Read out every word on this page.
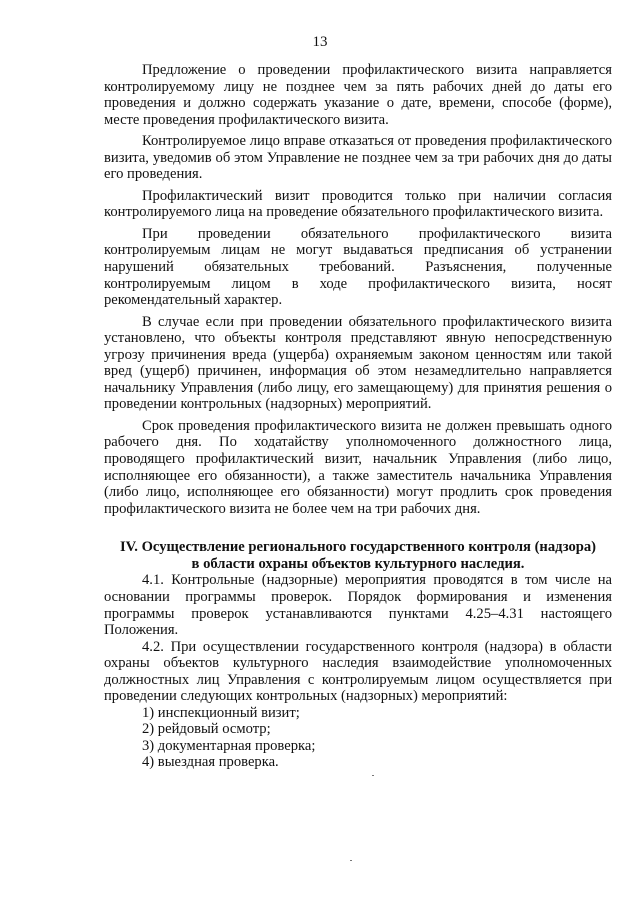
13

Предложение о проведении профилактического визита направляется контролируемому лицу не позднее чем за пять рабочих дней до даты его проведения и должно содержать указание о дате, времени, способе (форме), месте проведения профилактического визита.

Контролируемое лицо вправе отказаться от проведения профилактического визита, уведомив об этом Управление не позднее чем за три рабочих дня до даты его проведения.

Профилактический визит проводится только при наличии согласия контролируемого лица на проведение обязательного профилактического визита.

При проведении обязательного профилактического визита контролируемым лицам не могут выдаваться предписания об устранении нарушений обязательных требований. Разъяснения, полученные контролируемым лицом в ходе профилактического визита, носят рекомендательный характер.

В случае если при проведении обязательного профилактического визита установлено, что объекты контроля представляют явную непосредственную угрозу причинения вреда (ущерба) охраняемым законом ценностям или такой вред (ущерб) причинен, информация об этом незамедлительно направляется начальнику Управления (либо лицу, его замещающему) для принятия решения о проведении контрольных (надзорных) мероприятий.

Срок проведения профилактического визита не должен превышать одного рабочего дня. По ходатайству уполномоченного должностного лица, проводящего профилактический визит, начальник Управления (либо лицо, исполняющее его обязанности), а также заместитель начальника Управления (либо лицо, исполняющее его обязанности) могут продлить срок проведения профилактического визита не более чем на три рабочих дня.

IV. Осуществление регионального государственного контроля (надзора) в области охраны объектов культурного наследия.

4.1. Контрольные (надзорные) мероприятия проводятся в том числе на основании программы проверок. Порядок формирования и изменения программы проверок устанавливаются пунктами 4.25–4.31 настоящего Положения.

4.2. При осуществлении государственного контроля (надзора) в области охраны объектов культурного наследия взаимодействие уполномоченных должностных лиц Управления с контролируемым лицом осуществляется при проведении следующих контрольных (надзорных) мероприятий:

1) инспекционный визит;
2) рейдовый осмотр;
3) документарная проверка;
4) выездная проверка.
